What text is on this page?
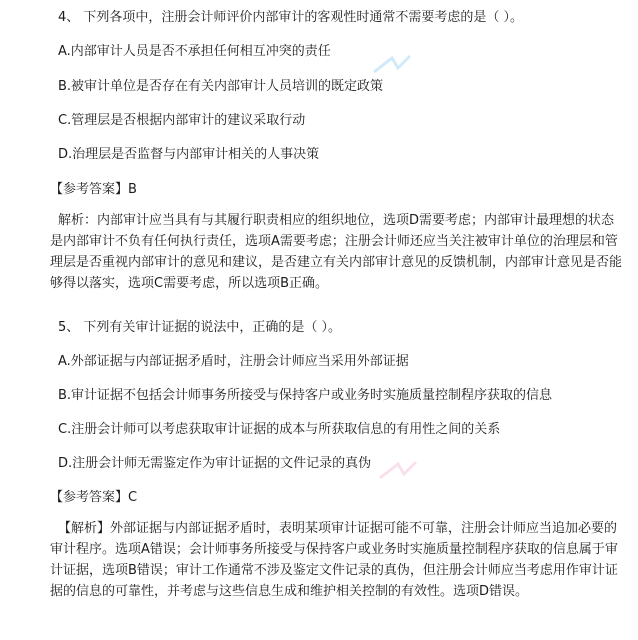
4、 下列各项中，注册会计师评价内部审计的客观性时通常不需要考虑的是（ ）。
A.内部审计人员是否不承担任何相互冲突的责任
B.被审计单位是否存在有关内部审计人员培训的既定政策
C.管理层是否根据内部审计的建议采取行动
D.治理层是否监督与内部审计相关的人事决策
【参考答案】B
解析：内部审计应当具有与其履行职责相应的组织地位，选项D需要考虑；内部审计最理想的状态是内部审计不负有任何执行责任，选项A需要考虑；注册会计师还应当关注被审计单位的治理层和管理层是否重视内部审计的意见和建议，是否建立有关内部审计意见的反馈机制，内部审计意见是否能够得以落实，选项C需要考虑，所以选项B正确。
5、 下列有关审计证据的说法中，正确的是（ ）。
A.外部证据与内部证据矛盾时，注册会计师应当采用外部证据
B.审计证据不包括会计师事务所接受与保持客户或业务时实施质量控制程序获取的信息
C.注册会计师可以考虑获取审计证据的成本与所获取信息的有用性之间的关系
D.注册会计师无需鉴定作为审计证据的文件记录的真伪
【参考答案】C
【解析】外部证据与内部证据矛盾时，表明某项审计证据可能不可靠，注册会计师应当追加必要的审计程序。选项A错误；会计师事务所接受与保持客户或业务时实施质量控制程序获取的信息属于审计证据，选项B错误；审计工作通常不涉及鉴定文件记录的真伪，但注册会计师应当考虑用作审计证据的信息的可靠性，并考虑与这些信息生成和维护相关控制的有效性。选项D错误。
